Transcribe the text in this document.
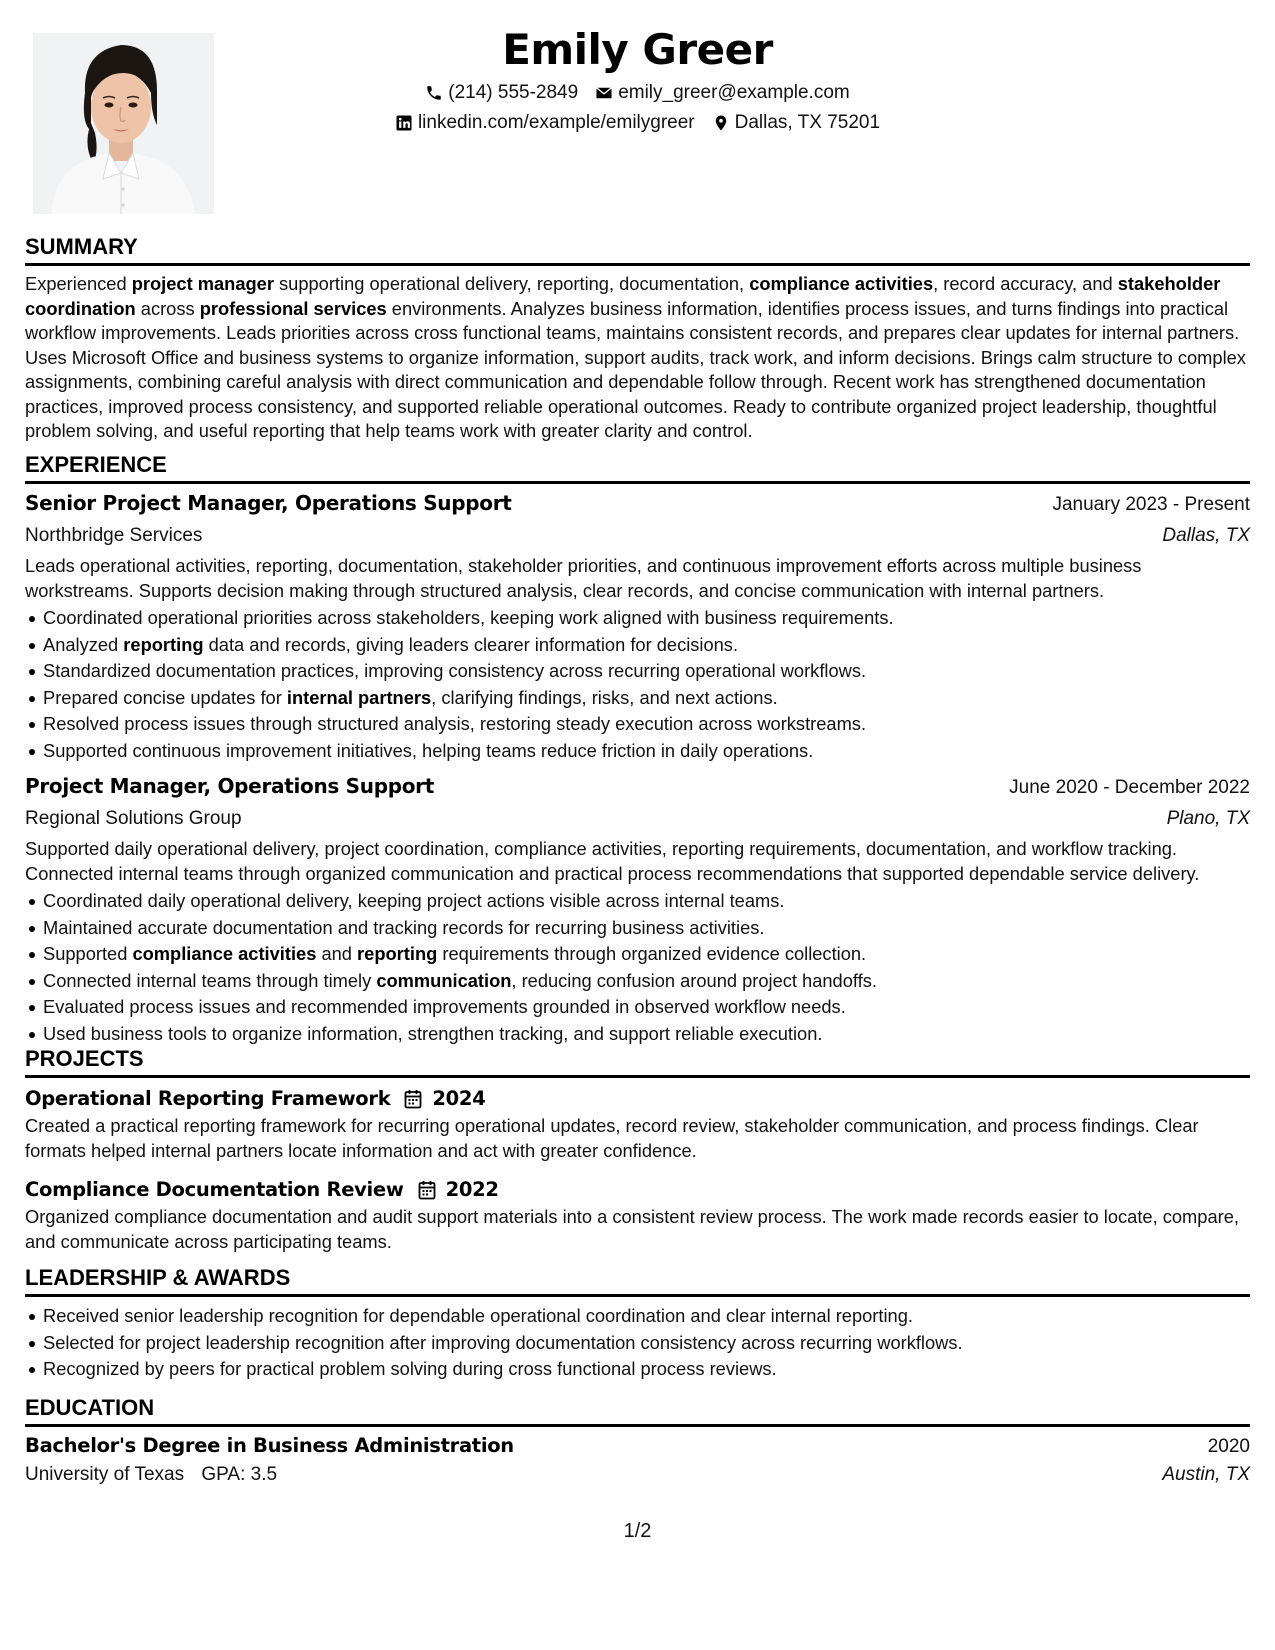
Emily Greer
(214) 555-2849 emily_greer@example.com
linkedin.com/example/emilygreer Dallas, TX 75201
SUMMARY
Experienced project manager supporting operational delivery, reporting, documentation, compliance activities, record accuracy, and stakeholder coordination across professional services environments. Analyzes business information, identifies process issues, and turns findings into practical workflow improvements. Leads priorities across cross functional teams, maintains consistent records, and prepares clear updates for internal partners. Uses Microsoft Office and business systems to organize information, support audits, track work, and inform decisions. Brings calm structure to complex assignments, combining careful analysis with direct communication and dependable follow through. Recent work has strengthened documentation practices, improved process consistency, and supported reliable operational outcomes. Ready to contribute organized project leadership, thoughtful problem solving, and useful reporting that help teams work with greater clarity and control.
EXPERIENCE
Senior Project Manager, Operations Support	January 2023 - Present
Northbridge Services	Dallas, TX
Leads operational activities, reporting, documentation, stakeholder priorities, and continuous improvement efforts across multiple business workstreams. Supports decision making through structured analysis, clear records, and concise communication with internal partners.
Coordinated operational priorities across stakeholders, keeping work aligned with business requirements.
Analyzed reporting data and records, giving leaders clearer information for decisions.
Standardized documentation practices, improving consistency across recurring operational workflows.
Prepared concise updates for internal partners, clarifying findings, risks, and next actions.
Resolved process issues through structured analysis, restoring steady execution across workstreams.
Supported continuous improvement initiatives, helping teams reduce friction in daily operations.
Project Manager, Operations Support	June 2020 - December 2022
Regional Solutions Group	Plano, TX
Supported daily operational delivery, project coordination, compliance activities, reporting requirements, documentation, and workflow tracking. Connected internal teams through organized communication and practical process recommendations that supported dependable service delivery.
Coordinated daily operational delivery, keeping project actions visible across internal teams.
Maintained accurate documentation and tracking records for recurring business activities.
Supported compliance activities and reporting requirements through organized evidence collection.
Connected internal teams through timely communication, reducing confusion around project handoffs.
Evaluated process issues and recommended improvements grounded in observed workflow needs.
Used business tools to organize information, strengthen tracking, and support reliable execution.
PROJECTS
Operational Reporting Framework 2024
Created a practical reporting framework for recurring operational updates, record review, stakeholder communication, and process findings. Clear formats helped internal partners locate information and act with greater confidence.
Compliance Documentation Review 2022
Organized compliance documentation and audit support materials into a consistent review process. The work made records easier to locate, compare, and communicate across participating teams.
LEADERSHIP & AWARDS
Received senior leadership recognition for dependable operational coordination and clear internal reporting.
Selected for project leadership recognition after improving documentation consistency across recurring workflows.
Recognized by peers for practical problem solving during cross functional process reviews.
EDUCATION
Bachelor's Degree in Business Administration	2020
University of Texas GPA: 3.5	Austin, TX
1/2
